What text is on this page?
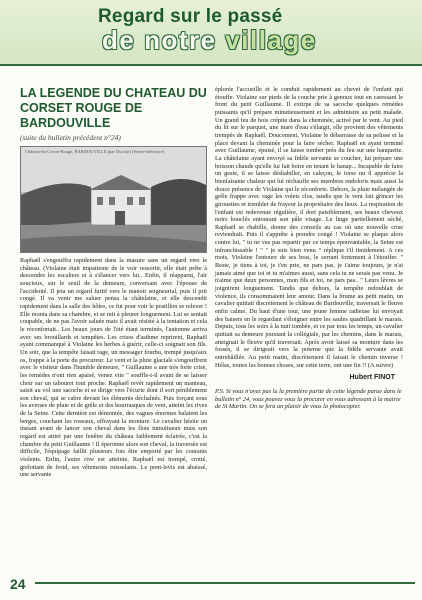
Regard sur le passé
de notre village
LA LEGENDE DU CHATEAU DU CORSET ROUGE DE BARDOUVILLE
(suite du bulletin précédent n°24)
Château-du-Corset-Rouge, BARDOUVILLE (par Duclair) (Seine-Inférieure)

Raphaël s'engouffra rapidement dans la masure sans un regard vers le château. (Violaine était impatiente de le voir ressortir, elle était prête à descendre les escaliers et à s'élancer vers lui.. Enfin, il réapparut, l'air soucieux, sur le seuil de la demeure, conversant avec l'épouse de l'accidenté. Il jeta un regard furtif vers le manoir seigneurial, puis il prit congé. Il va venir me saluer pensa la châtelaine, et elle descendit rapidement dans la salle des hôtes, ce fut pour voir le postillon se relever ! Elle monta dans sa chambre, et se mit à pleurer longuement. Lui se sentait coupable, de ne pas l'avoir saluée mais il avait résisté à la tentation et cela le réconfortait.. Les beaux jours de l'été étant terminés, l'automne arriva avec ses brouillards et tempêtes. Les crises d'asthme reprirent, Raphaël ayant commanqué à Violaine les herbes à guérir, celle-ci soignait son fils. Un soir, que la tempête faisait rage, un messager fourbu, trempé jusqu'aux os, frappe à la porte du procureur. Le vent et la pluie glaciale s'engouffrent avec le visiteur dans l'humble demeure, " Guillaume a une très forte crise, les remèdes n'ont rien apaisé, venez vite " souffle-t-il avant de se laisser choir sur un tabouret tout proche. Raphaël revêt rapidement un manteau, saisit au vol une sacoche et se dirige vers l'écurie dont il sort péniblement son cheval, qui se cabre devant les éléments déchaînés. Puis forçant sous les averses de pluie et de grêle et des bourrasques de vent, atteint les rives de la Seine. Cette dernière est démontée, des vagues énormes balaient les berges, couchant les roseaux, effrayant la monture. Le cavalier hésite un instant avant de lancer son cheval dans les flots tumultueux mais son regard est attiré par une fenêtre du château faiblement éclairée, c'est la chambre du petit Guillaume ! Il éperonne alors son cheval, la traversée est difficile, l'équipage faillit plusieurs fois être emporté par les courants violents. Enfin, l'autre rive est atteinte, Raphaël est trempé, crotté, grelottant de froid, ses vêtements ruisselants. Le pont-levis est abaissé, une servante

éplorée l'accueille et le conduit rapidement au chevet de l'enfant qui étouffe. Violaine sur pieds de la couche prie à genoux tout en caressant le front du petit Guillaume. Il extirpe de sa sacoche quelques remèdes puissants qu'il prépare minutieusement et les administre au petit malade. Un grand feu de bois crépite dans la cheminée, activé par le vent. Au pied du lit sur le parquet, une mare d'eau s'élargit, elle provient des vêtements trempés de Raphaël. Doucement, Violaine le débarrasse de sa pelisse et la place devant la cheminée pour la faire sécher. Raphaël en ayant terminé avec Guillaume, épuisé, il se laisse tomber près du feu sur une banquette. La châtelaine ayant envoyé sa fidèle servante se coucher, lui prépare une boisson chaude qu'elle lui fait boire en tenant le hanap... Incapable de faire un geste, il se laisse déshabiller, en caleçon, le torse nu il apprécie la bienfaisante chaleur qui lui réchauffe ses membres endoloris mais aussi la douce présence de Violaine qui le réconforte. Dehors, la pluie mélangée de grêle frappe avec rage les volets clos, tandis que le vent fait grincer les girouettes et trembler de frayeur la propriétaire des lieux. La respiration de l'enfant est redevenue régulière, il dort paisiblement, ses beaux cheveux noirs bouclés entourant son pâle visage. Le linge partiellement séché, Raphaël se rhabille, donne des conseils au cas où une nouvelle crise reviendrait. Puis il s'apprête à prendre congé ! Violaine se plaque alors contre lui, " tu ne vas pas repartir par ce temps épouvantable, la Seine est infranchissable ! " " je suis bien venu " réplique t'il timidement. A ces mots, Violaine l'entoure de ses bras, le serrant fortement à l'étouffer. " Reste, je tiens à toi, je t'en prie, ne pars pas, je t'aime toujours, je n'ai jamais aimé que toi et tu m'aimes aussi, sans cela tu ne serais pas venu. Je n'aime que deux personnes, mon fils et toi, ne pars pas.. " Leurs lèvres se joignirent longuement. Tandis que dehors, la tempête redoublait de violence, ils consommaient leur amour. Dans la brume au petit matin, un cavalier quittait discrètement le château de Bardouville, traversait le fleuve enfin calme. Du haut d'une tour, une jeune femme radieuse lui envoyait des baisers en le regardant s'éloigner entre les saules quadrillant le marais. Depuis, tous les soirs à la nuit tombée, et ce par tous les temps, un cavalier quittait sa demeure jouxtant la collégiale, par les chemins, dans le marais, atteignait le fleuve qu'il traversait. Après avoir laissé sa monture dans les fossés, il se dirigeait vers la poterne que la fidèle servante avait entrebâillée. Au petit matin, discrètement il faisait le chemin inverse ! Hélas, toutes les bonnes choses, sur cette terre, ont une fin !! (A suivre)

Hubert FINOT
P.S. Si vous n'avez pas lu la première partie de cette légende parue dans le bulletin n° 24, vous pouvez vous la procurer en vous adressant à la mairie de St Martin. On se fera un plaisir de vous la photocopier.
24
